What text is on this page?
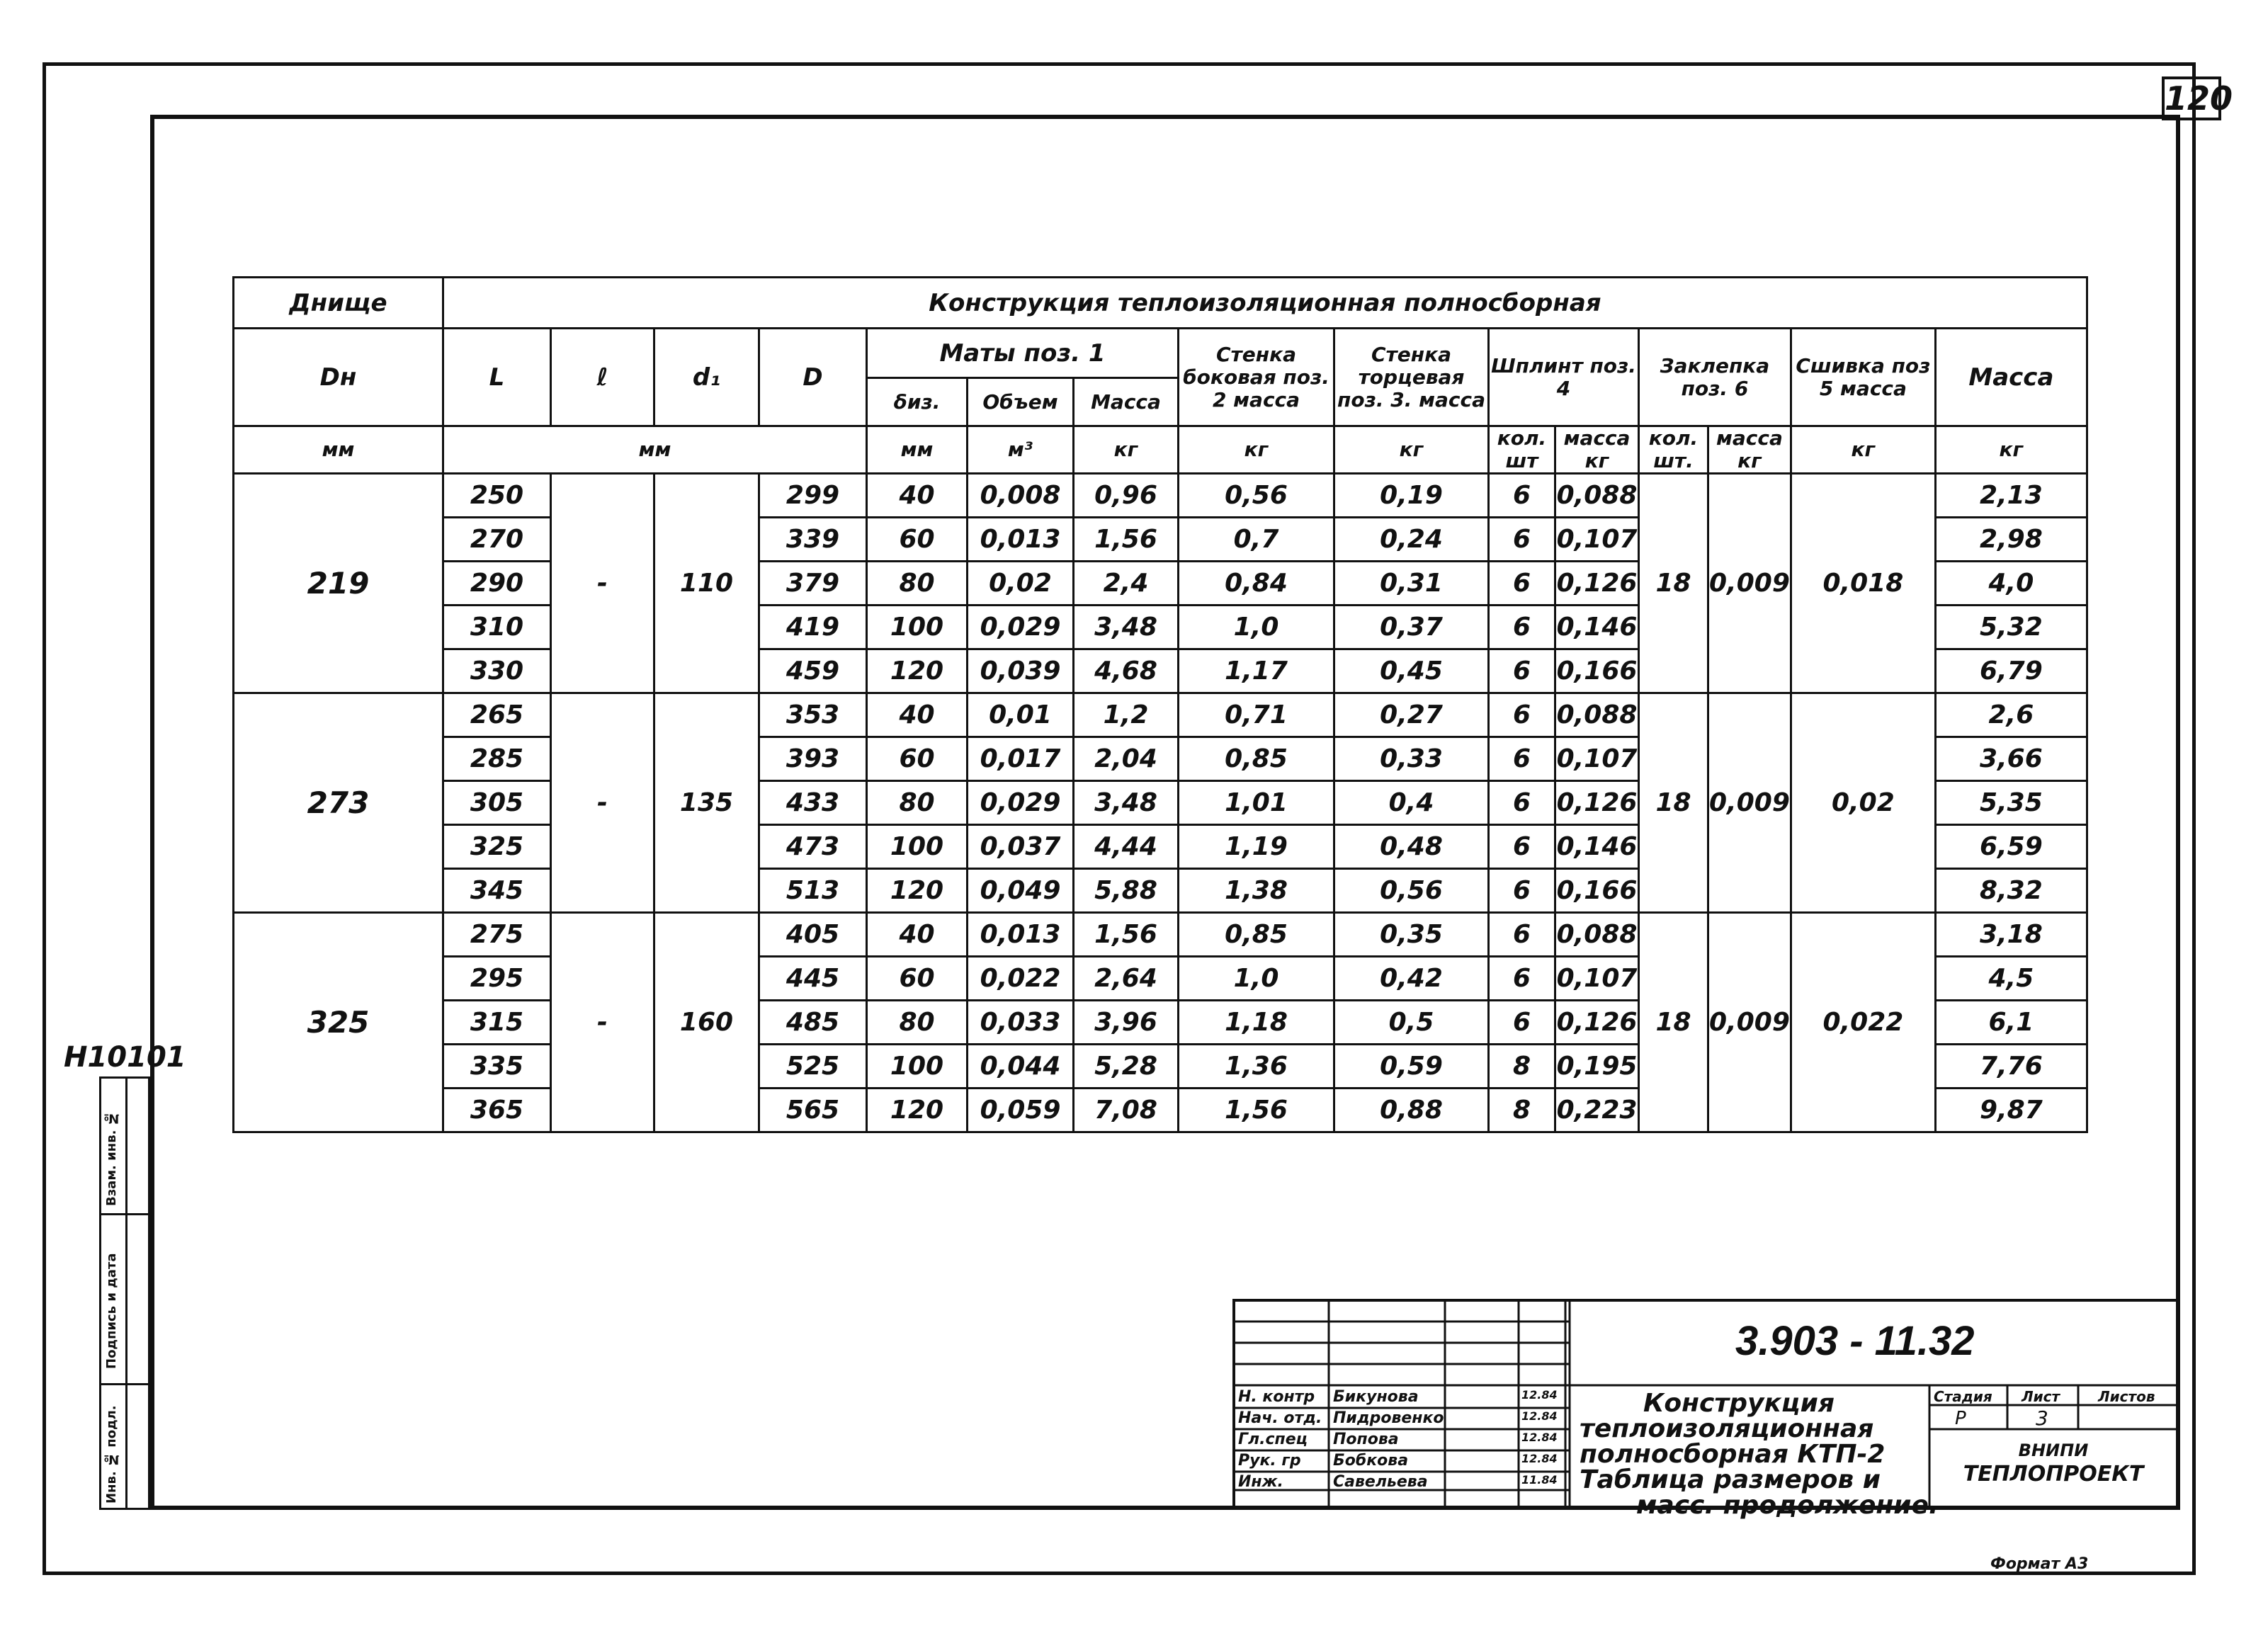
120
H10101
Взам. инв. №
Подпись и дата
Инв. № подл.
Днище	Конструкция теплоизоляционная полносборная														
Dн	L	ℓ	d₁	D	Маты поз. 1			Стенка боковая поз. 2 масса	Стенка торцевая поз. 3. масса	Шплинт поз. 4		Заклепка поз. 6		Сшивка поз 5 масса	Масса
					δиз.	Объем	Масса								
мм	мм				мм	м³	кг	кг	кг	кол. шт	масса кг	кол. шт.	масса кг	кг	кг
219	250	-	110	299	40	0,008	0,96	0,56	0,19	6	0,088	18	0,009	0,018	2,13
	270			339	60	0,013	1,56	0,7	0,24	6	0,107				2,98
	290			379	80	0,02	2,4	0,84	0,31	6	0,126				4,0
	310			419	100	0,029	3,48	1,0	0,37	6	0,146				5,32
	330			459	120	0,039	4,68	1,17	0,45	6	0,166				6,79
273	265	-	135	353	40	0,01	1,2	0,71	0,27	6	0,088	18	0,009	0,02	2,6
	285			393	60	0,017	2,04	0,85	0,33	6	0,107				3,66
	305			433	80	0,029	3,48	1,01	0,4	6	0,126				5,35
	325			473	100	0,037	4,44	1,19	0,48	6	0,146				6,59
	345			513	120	0,049	5,88	1,38	0,56	6	0,166				8,32
325	275	-	160	405	40	0,013	1,56	0,85	0,35	6	0,088	18	0,009	0,022	3,18
	295			445	60	0,022	2,64	1,0	0,42	6	0,107				4,5
	315			485	80	0,033	3,96	1,18	0,5	6	0,126				6,1
	335			525	100	0,044	5,28	1,36	0,59	8	0,195				7,76
	365			565	120	0,059	7,08	1,56	0,88	8	0,223				9,87
3.903 - 11.32
Н. контр Бикунова	12.84
Нач. отд. Пидровенко	12.84
Гл.спец Попова	12.84
Рук. гр Бобкова	12.84
Инж.	Савельева	11.84
Конструкция
теплоизоляционная
полносборная КТП-2
Таблица размеров и
масс. продолжение.
Стадия Лист	Листов
Р	3
ВНИПИ
ТЕПЛОПРОЕКТ
Формат А3
